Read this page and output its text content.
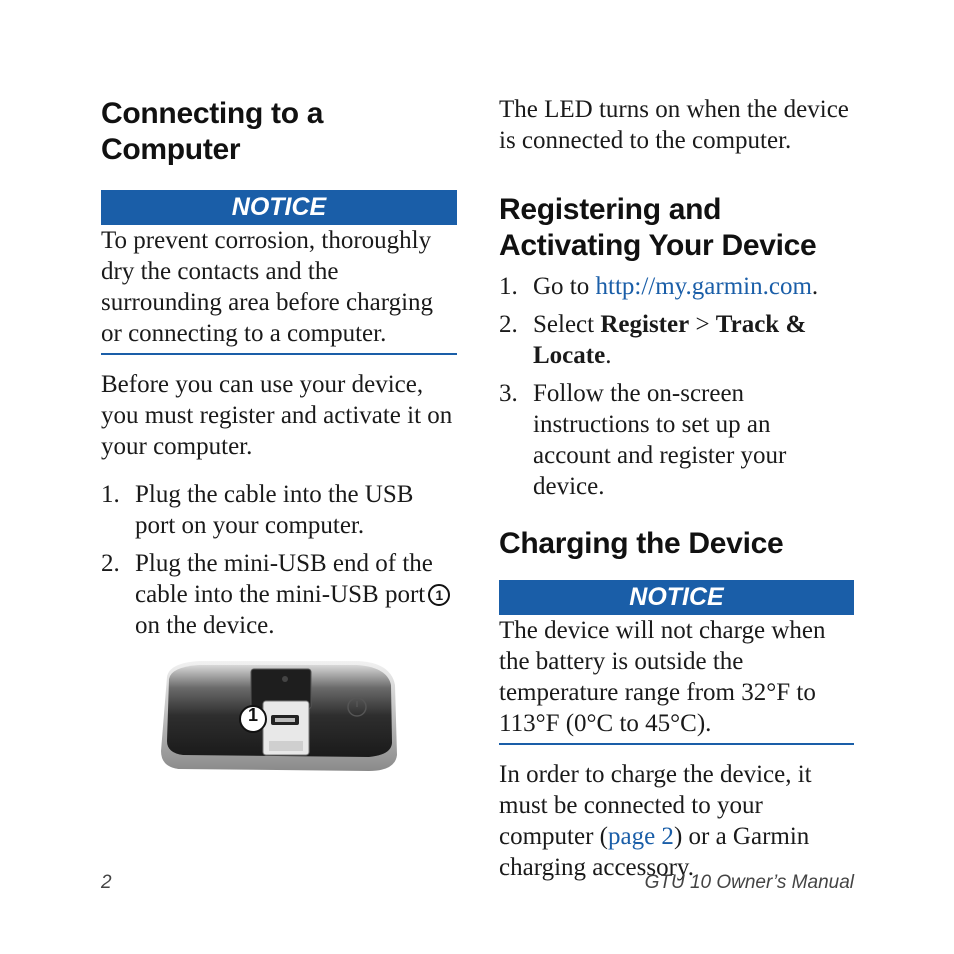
Connecting to a Computer
NOTICE

To prevent corrosion, thoroughly dry the contacts and the surrounding area before charging or connecting to a computer.

Before you can use your device, you must register and activate it on your computer.

1. Plug the cable into the USB port on your computer.
2. Plug the mini-USB end of the cable into the mini-USB port 1 on the device.
1

The LED turns on when the device is connected to the computer.

Registering and Activating Your Device
1. Go to http://my.garmin.com.
2. Select Register > Track & Locate.
3. Follow the on-screen instructions to set up an account and register your device.
Charging the Device
NOTICE

The device will not charge when the battery is outside the temperature range from 32°F to 113°F (0°C to 45°C).

In order to charge the device, it must be connected to your computer (page 2) or a Garmin charging accessory.

2	GTU 10 Owner’s Manual
